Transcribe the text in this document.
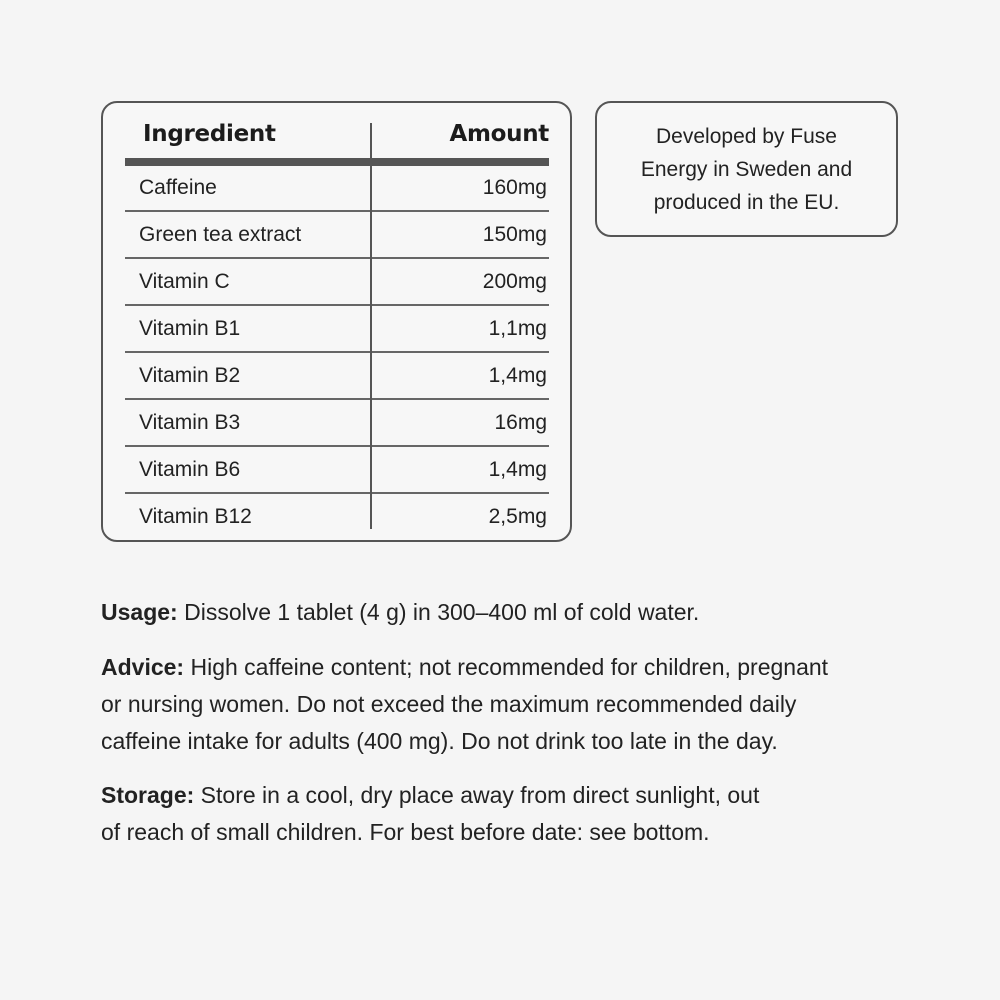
Ingredient	Amount
Caffeine	160mg
Green tea extract	150mg
Vitamin C	200mg
Vitamin B1	1,1mg
Vitamin B2	1,4mg
Vitamin B3	16mg
Vitamin B6	1,4mg
Vitamin B12	2,5mg
Developed by Fuse
Energy in Sweden and
produced in the EU.
Usage: Dissolve 1 tablet (4 g) in 300–400 ml of cold water.
Advice: High caffeine content; not recommended for children, pregnant
or nursing women. Do not exceed the maximum recommended daily
caffeine intake for adults (400 mg). Do not drink too late in the day.
Storage: Store in a cool, dry place away from direct sunlight, out
of reach of small children. For best before date: see bottom.
